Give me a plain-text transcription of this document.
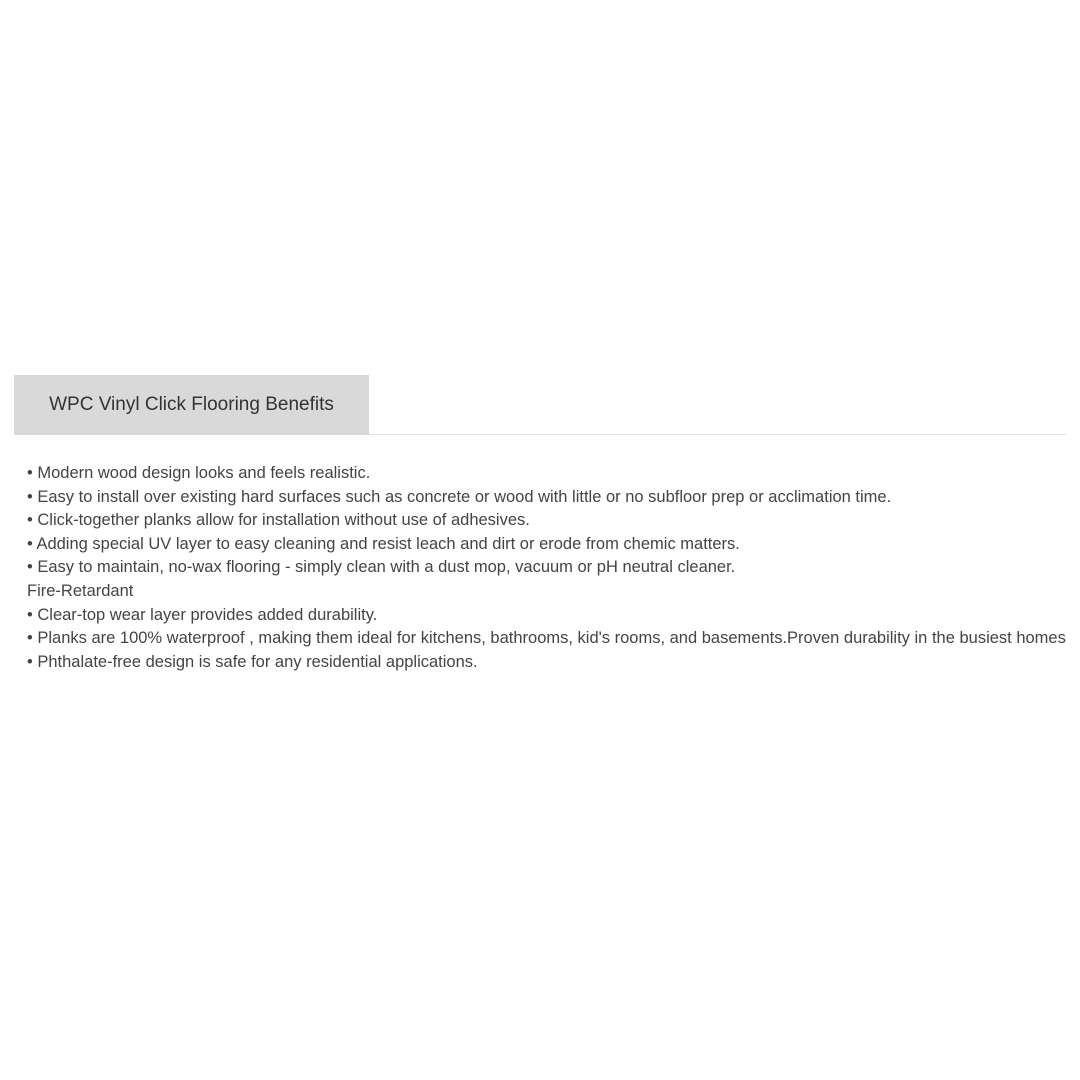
WPC Vinyl Click Flooring Benefits
• Modern wood design looks and feels realistic.
• Easy to install over existing hard surfaces such as concrete or wood with little or no subfloor prep or acclimation time.
• Click-together planks allow for installation without use of adhesives.
• Adding special UV layer to easy cleaning and resist leach and dirt or erode from chemic matters.
• Easy to maintain, no-wax flooring - simply clean with a dust mop, vacuum or pH neutral cleaner.
Fire-Retardant
• Clear-top wear layer provides added durability.
• Planks are 100% waterproof , making them ideal for kitchens, bathrooms, kid's rooms, and basements.Proven durability in the busiest homes
• Phthalate-free design is safe for any residential applications.
